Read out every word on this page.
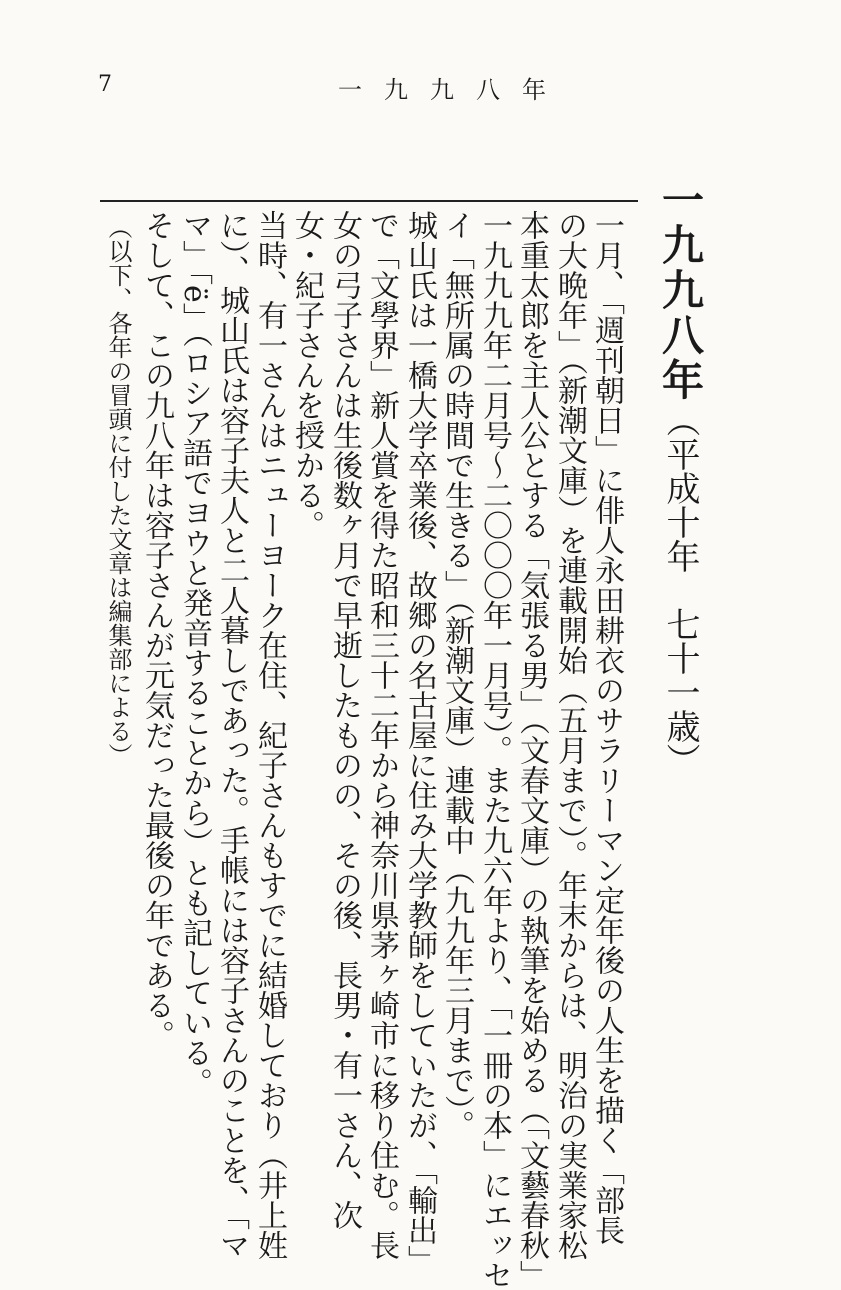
7	一九九八年
一九九八年（平成十年　七十一歳）
（以下、各年の冒頭に付した文章は編集部による）	一月、「週刊朝日」に俳人永田耕衣のサラリーマン定年後の人生を描く「部長
の大晩年」（新潮文庫）を連載開始（五月まで）。年末からは、明治の実業家松
本重太郎を主人公とする「気張る男」（文春文庫）の執筆を始める（「文藝春秋」
一九九九年二月号～二〇〇〇年一月号）。また九六年より、「一冊の本」にエッセ
イ「無所属の時間で生きる」（新潮文庫）連載中（九九年三月まで）。
城山氏は一橋大学卒業後、故郷の名古屋に住み大学教師をしていたが、「輸出」
で「文學界」新人賞を得た昭和三十二年から神奈川県茅ヶ崎市に移り住む。長
女の弓子さんは生後数ヶ月で早逝したものの、その後、長男・有一さん、次
女・紀子さんを授かる。
当時、有一さんはニューヨーク在住、紀子さんもすでに結婚しており（井上姓
に）、城山氏は容子夫人と二人暮しであった。手帳には容子さんのことを、「マ
マ」「ë」（ロシア語でヨウと発音することから）とも記している。
そして、この九八年は容子さんが元気だった最後の年である。
